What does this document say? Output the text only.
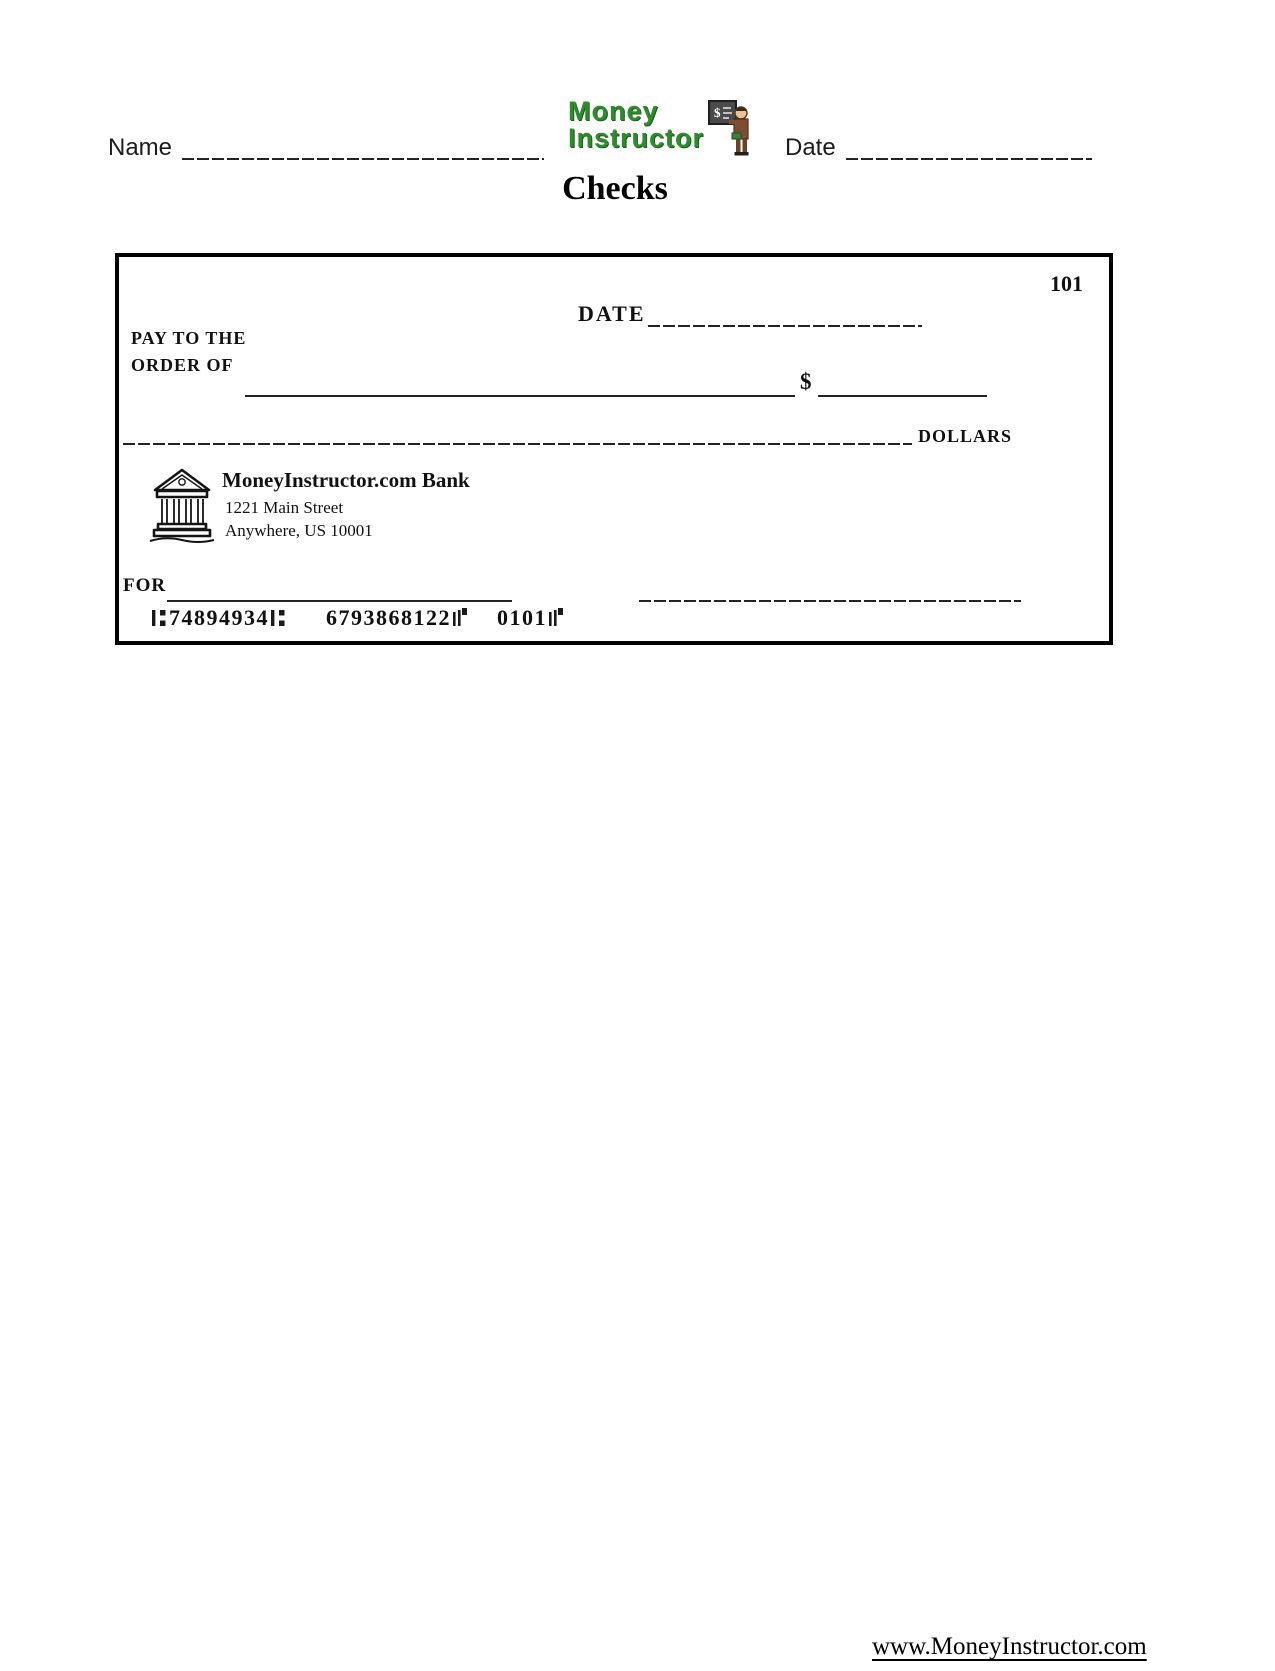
Name
Money
Instructor
$
Date
Checks
101
DATE
PAY TO THE
ORDER OF
$
DOLLARS
MoneyInstructor.com Bank
1221 Main Street
Anywhere, US 10001
FOR
74894934	6793868122 0101
www.MoneyInstructor.com
